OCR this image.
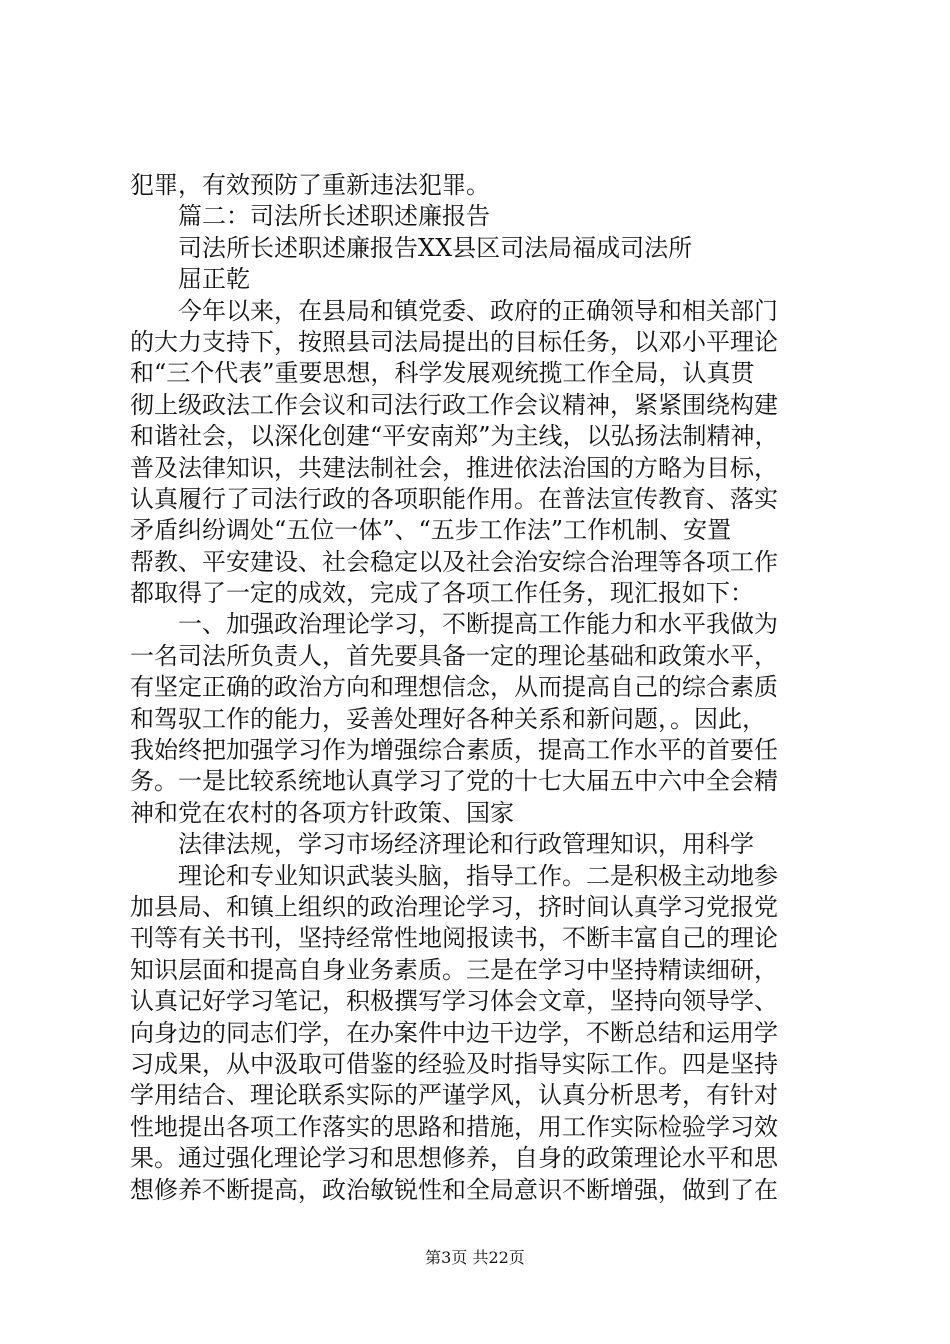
犯罪，有效预防了重新违法犯罪。
篇二：司法所长述职述廉报告
司法所长述职述廉报告XX县区司法局福成司法所
屈正乾
今年以来，在县局和镇党委、政府的正确领导和相关部门
的大力支持下，按照县司法局提出的目标任务，以邓小平理论
和“三个代表”重要思想，科学发展观统揽工作全局，认真贯
彻上级政法工作会议和司法行政工作会议精神，紧紧围绕构建
和谐社会，以深化创建“平安南郑”为主线，以弘扬法制精神，
普及法律知识，共建法制社会，推进依法治国的方略为目标，
认真履行了司法行政的各项职能作用。在普法宣传教育、落实
矛盾纠纷调处“五位一体”、“五步工作法”工作机制、安置
帮教、平安建设、社会稳定以及社会治安综合治理等各项工作
都取得了一定的成效，完成了各项工作任务，现汇报如下：
一、加强政治理论学习，不断提高工作能力和水平我做为
一名司法所负责人，首先要具备一定的理论基础和政策水平，
有坚定正确的政治方向和理想信念，从而提高自己的综合素质
和驾驭工作的能力，妥善处理好各种关系和新问题，。因此，
我始终把加强学习作为增强综合素质，提高工作水平的首要任
务。一是比较系统地认真学习了党的十七大届五中六中全会精
神和党在农村的各项方针政策、国家
法律法规，学习市场经济理论和行政管理知识，用科学
理论和专业知识武装头脑，指导工作。二是积极主动地参
加县局、和镇上组织的政治理论学习，挤时间认真学习党报党
刊等有关书刊，坚持经常性地阅报读书，不断丰富自己的理论
知识层面和提高自身业务素质。三是在学习中坚持精读细研，
认真记好学习笔记，积极撰写学习体会文章，坚持向领导学、
向身边的同志们学，在办案件中边干边学，不断总结和运用学
习成果，从中汲取可借鉴的经验及时指导实际工作。四是坚持
学用结合、理论联系实际的严谨学风，认真分析思考，有针对
性地提出各项工作落实的思路和措施，用工作实际检验学习效
果。通过强化理论学习和思想修养，自身的政策理论水平和思
想修养不断提高，政治敏锐性和全局意识不断增强，做到了在
第3页 共22页
